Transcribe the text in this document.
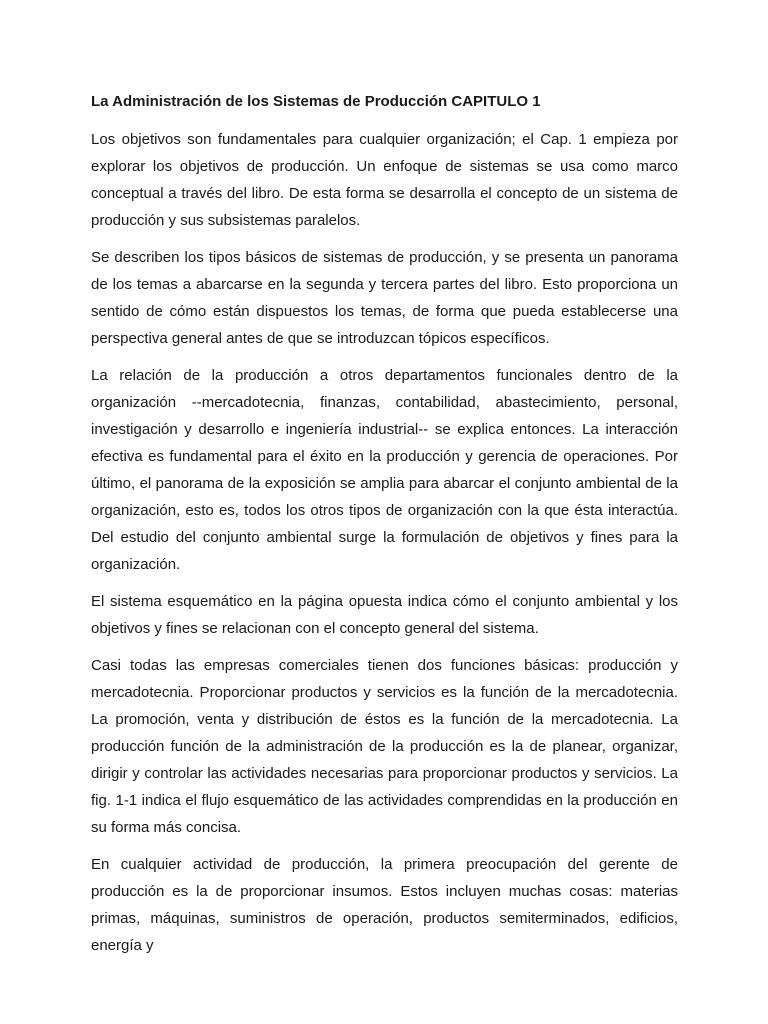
La Administración de los Sistemas de Producción CAPITULO 1

Los objetivos son fundamentales para cualquier organización; el Cap. 1 empieza por explorar los objetivos de producción. Un enfoque de sistemas se usa como marco conceptual a través del libro. De esta forma se desarrolla el concepto de un sistema de producción y sus subsistemas paralelos.

Se describen los tipos básicos de sistemas de producción, y se presenta un panorama de los temas a abarcarse en la segunda y tercera partes del libro. Esto proporciona un sentido de cómo están dispuestos los temas, de forma que pueda establecerse una perspectiva general antes de que se introduzcan tópicos específicos.

La relación de la producción a otros departamentos funcionales dentro de la organización --mercadotecnia, finanzas, contabilidad, abastecimiento, personal, investigación y desarrollo e ingeniería industrial-- se explica entonces. La interacción efectiva es fundamental para el éxito en la producción y gerencia de operaciones. Por último, el panorama de la exposición se amplia para abarcar el conjunto ambiental de la organización, esto es, todos los otros tipos de organización con la que ésta interactúa. Del estudio del conjunto ambiental surge la formulación de objetivos y fines para la organización.

El sistema esquemático en la página opuesta indica cómo el conjunto ambiental y los objetivos y fines se relacionan con el concepto general del sistema.

Casi todas las empresas comerciales tienen dos funciones básicas: producción y mercadotecnia. Proporcionar productos y servicios es la función de la mercadotecnia. La promoción, venta y distribución de éstos es la función de la mercadotecnia. La producción función de la administración de la producción es la de planear, organizar, dirigir y controlar las actividades necesarias para proporcionar productos y servicios. La fig. 1-1 indica el flujo esquemático de las actividades comprendidas en la producción en su forma más concisa.

En cualquier actividad de producción, la primera preocupación del gerente de producción es la de proporcionar insumos. Estos incluyen muchas cosas: materias primas, máquinas, suministros de operación, productos semiterminados, edificios, energía y
